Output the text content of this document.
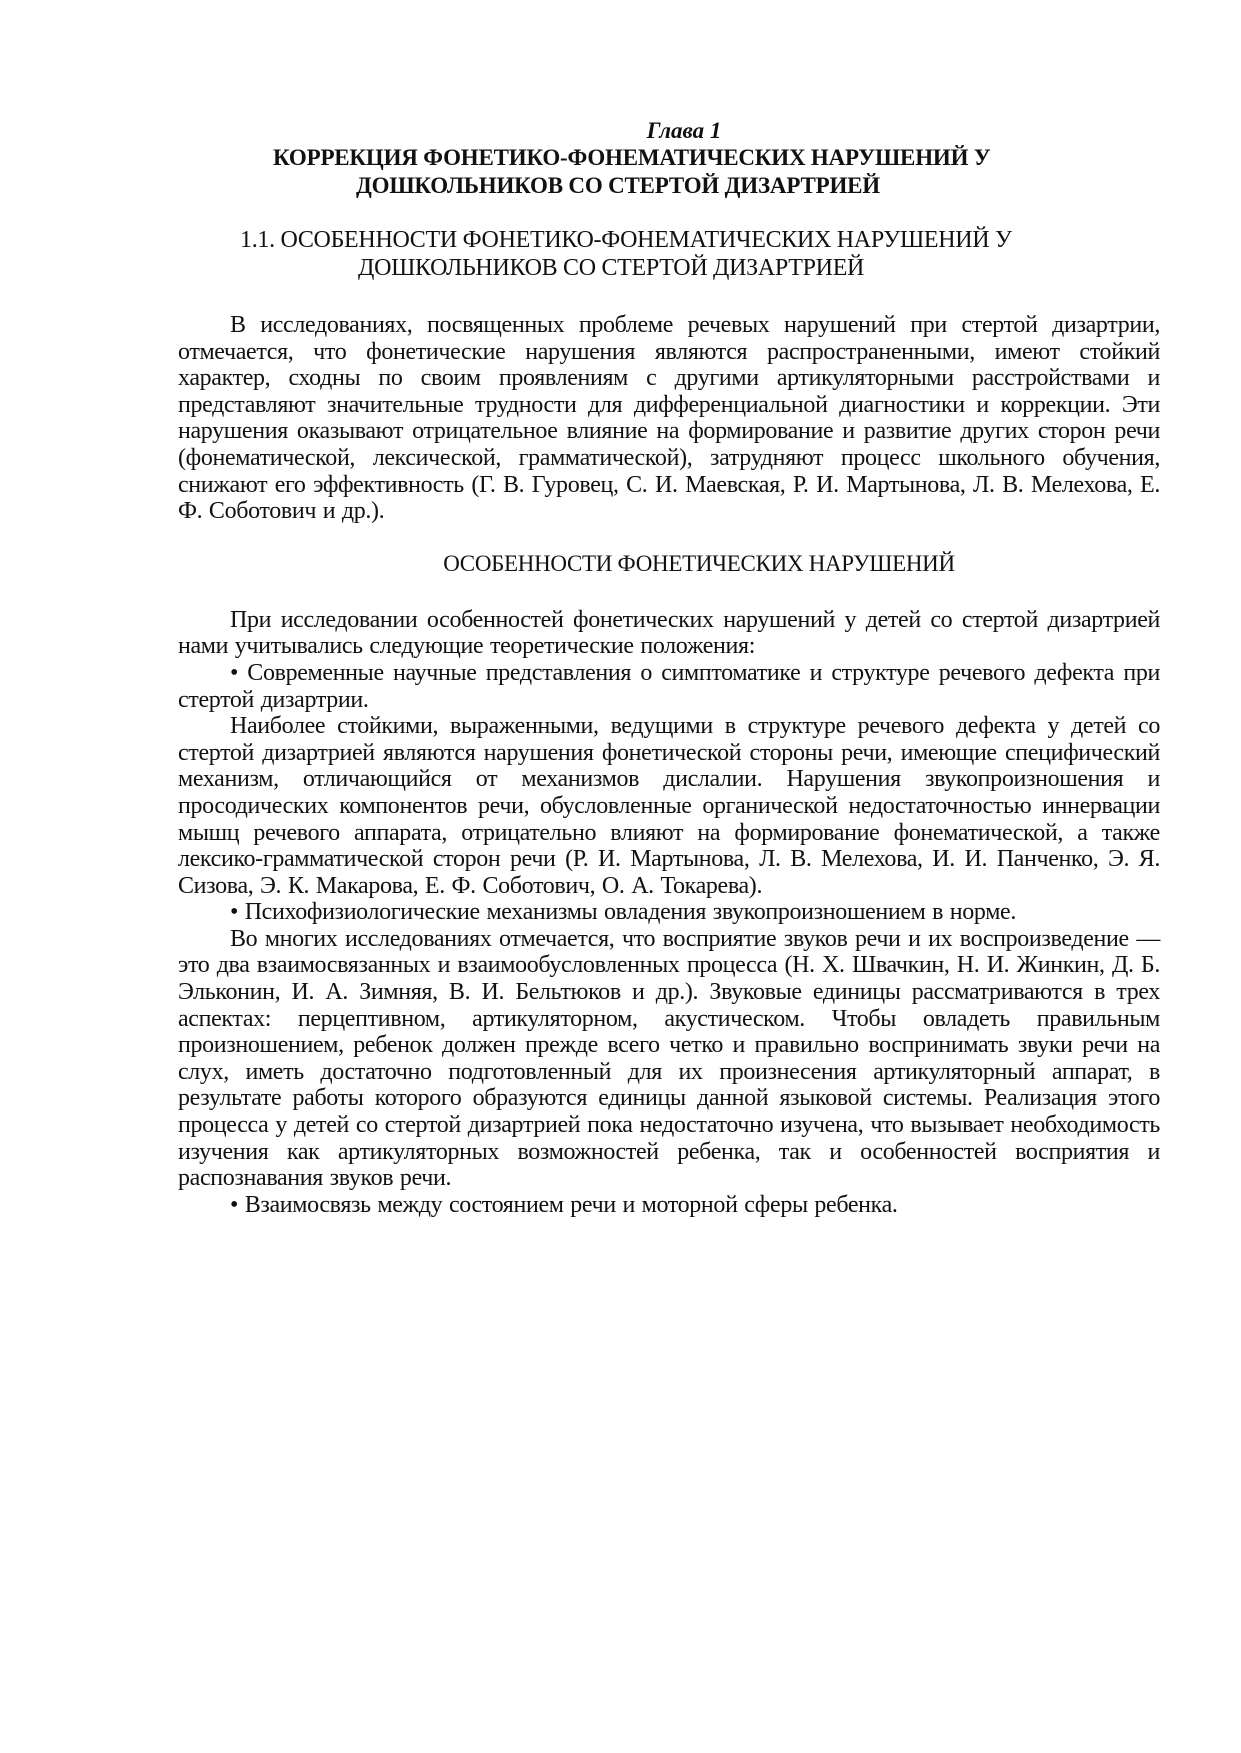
Глава 1
КОРРЕКЦИЯ ФОНЕТИКО-ФОНЕМАТИЧЕСКИХ НАРУШЕНИЙ У
ДОШКОЛЬНИКОВ СО СТЕРТОЙ ДИЗАРТРИЕЙ
1.1. ОСОБЕННОСТИ ФОНЕТИКО-ФОНЕМАТИЧЕСКИХ НАРУШЕНИЙ У
ДОШКОЛЬНИКОВ СО СТЕРТОЙ ДИЗАРТРИЕЙ

В исследованиях, посвященных проблеме речевых нарушений при стертой дизартрии, отмечается, что фонетические нарушения являются распространенными, имеют стойкий характер, сходны по своим проявлениям с другими артикуляторными расстройствами и представляют значительные трудности для дифференциальной диагностики и коррекции. Эти нарушения оказывают отрицательное влияние на формирование и развитие других сторон речи (фонематической, лексической, грамматической), затрудняют процесс школьного обучения, снижают его эффективность (Г. В. Гуровец, С. И. Маевская, Р. И. Мартынова, Л. В. Мелехова, Е. Ф. Соботович и др.).

ОСОБЕННОСТИ ФОНЕТИЧЕСКИХ НАРУШЕНИЙ

При исследовании особенностей фонетических нарушений у детей со стертой дизартрией нами учитывались следующие теоретические положения:

• Современные научные представления о симптоматике и структуре речевого дефекта при стертой дизартрии.

Наиболее стойкими, выраженными, ведущими в структуре речевого дефекта у детей со стертой дизартрией являются нарушения фонетической стороны речи, имеющие специфический механизм, отличающийся от механизмов дислалии. Нарушения звукопроизношения и просодических компонентов речи, обусловленные органической недостаточностью иннервации мышц речевого аппарата, отрицательно влияют на формирование фонематической, а также лексико-грамматической сторон речи (Р. И. Мартынова, Л. В. Мелехова, И. И. Панченко, Э. Я. Сизова, Э. К. Макарова, Е. Ф. Соботович, О. А. Токарева).

• Психофизиологические механизмы овладения звукопроизношением в норме.

Во многих исследованиях отмечается, что восприятие звуков речи и их воспроизведение — это два взаимосвязанных и взаимообусловленных процесса (Н. Х. Швачкин, Н. И. Жинкин, Д. Б. Эльконин, И. А. Зимняя, В. И. Бельтюков и др.). Звуковые единицы рассматриваются в трех аспектах: перцептивном, артикуляторном, акустическом. Чтобы овладеть правильным произношением, ребенок должен прежде всего четко и правильно воспринимать звуки речи на слух, иметь достаточно подготовленный для их произнесения артикуляторный аппарат, в результате работы которого образуются единицы данной языковой системы. Реализация этого процесса у детей со стертой дизартрией пока недостаточно изучена, что вызывает необходимость изучения как артикуляторных возможностей ребенка, так и особенностей восприятия и распознавания звуков речи.

• Взаимосвязь между состоянием речи и моторной сферы ребенка.
